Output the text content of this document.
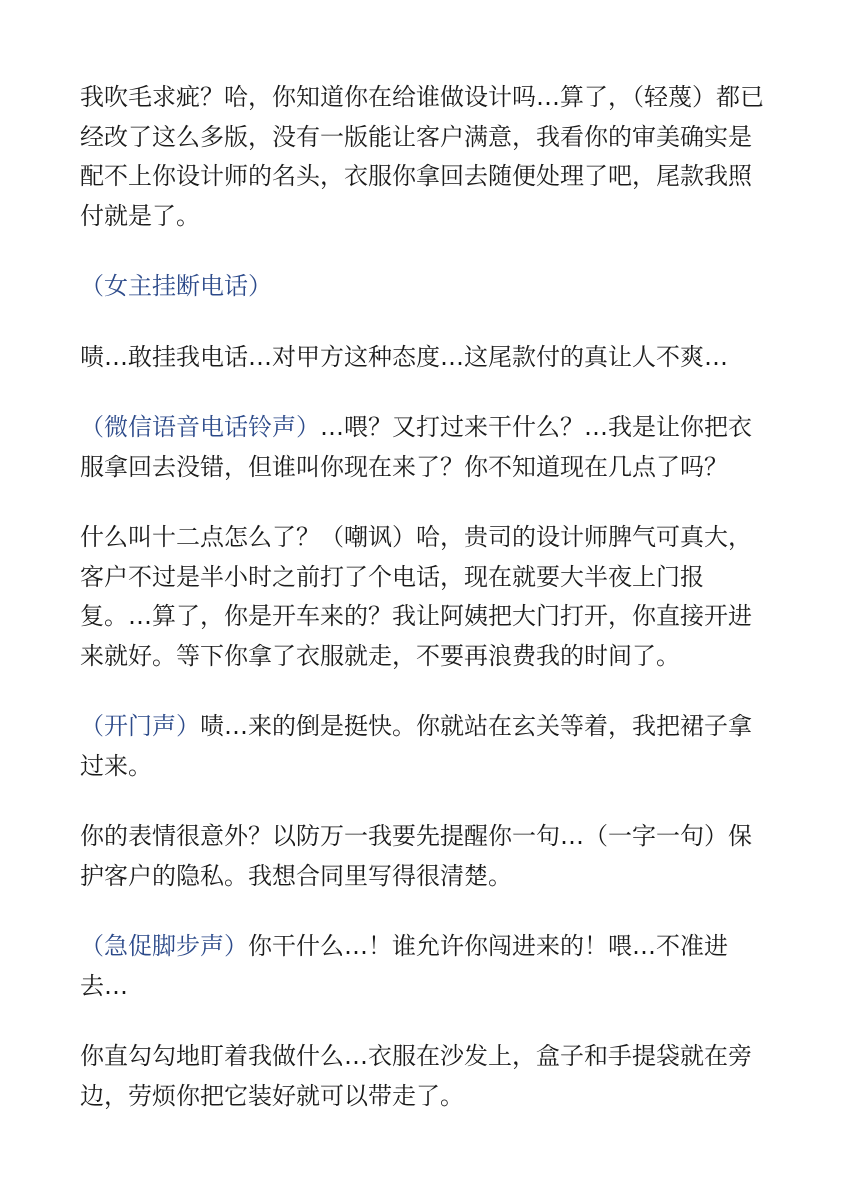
我吹毛求疵？哈，你知道你在给谁做设计吗…算了，（轻蔑）都已经改了这么多版，没有一版能让客户满意，我看你的审美确实是配不上你设计师的名头，衣服你拿回去随便处理了吧，尾款我照付就是了。

（女主挂断电话）

啧…敢挂我电话…对甲方这种态度…这尾款付的真让人不爽…

（微信语音电话铃声）…喂？又打过来干什么？…我是让你把衣服拿回去没错，但谁叫你现在来了？你不知道现在几点了吗？

什么叫十二点怎么了？（嘲讽）哈，贵司的设计师脾气可真大，客户不过是半小时之前打了个电话，现在就要大半夜上门报复。…算了，你是开车来的？我让阿姨把大门打开，你直接开进来就好。等下你拿了衣服就走，不要再浪费我的时间了。

（开门声）啧…来的倒是挺快。你就站在玄关等着，我把裙子拿过来。

你的表情很意外？以防万一我要先提醒你一句…（一字一句）保护客户的隐私。我想合同里写得很清楚。

（急促脚步声）你干什么…！谁允许你闯进来的！喂…不准进去…

你直勾勾地盯着我做什么…衣服在沙发上，盒子和手提袋就在旁边，劳烦你把它装好就可以带走了。
